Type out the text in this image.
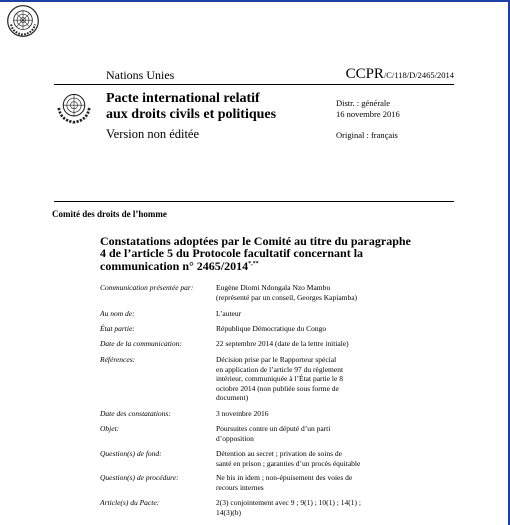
Nations Unies	CCPR/C/118/D/2465/2014
Pacte international relatif
aux droits civils et politiques
Version non éditée
Distr. : générale
16 novembre 2016
Original : français
Comité des droits de l’homme
Constatations adoptées par le Comité au titre du paragraphe
4 de l’article 5 du Protocole facultatif concernant la
communication n° 2465/2014*,**
Communication présentée par:	Eugène Diomi Ndongala Nzo Mambu
(représenté par un conseil, Georges Kapiamba)
Au nom de:	L’auteur
État partie:	République Démocratique du Congo
Date de la communication:	22 septembre 2014 (date de la lettre initiale)
Références:	Décision prise par le Rapporteur spécial
en application de l’article 97 du règlement
intérieur, communiquée à l’État partie le 8
octobre 2014 (non publiée sous forme de
document)
Date des constatations:	3 novembre 2016
Objet:	Poursuites contre un député d’un parti
d’opposition
Question(s) de fond:	Détention au secret ; privation de soins de
santé en prison ; garanties d’un procès équitable
Question(s) de procédure:	Ne bis in idem ; non-épuisement des voies de
recours internes
Article(s) du Pacte:	2(3) conjointement avec 9 ; 9(1) ; 10(1) ; 14(1) ;
14(3)(b)
